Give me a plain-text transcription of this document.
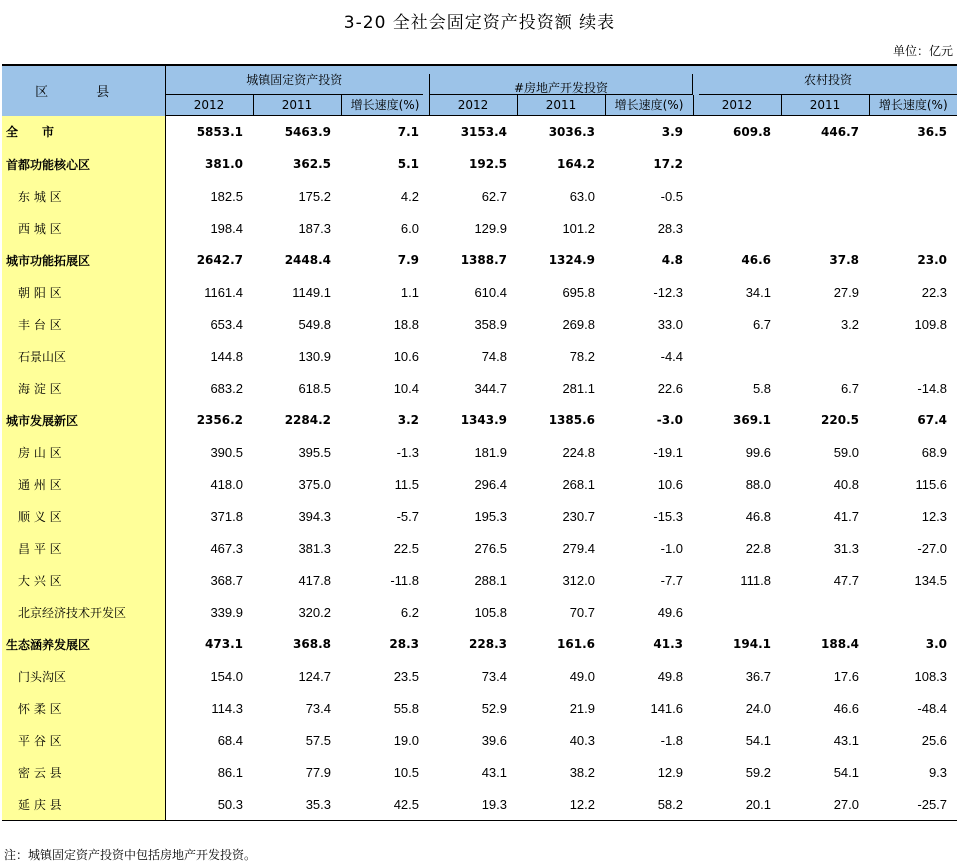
3-20 全社会固定资产投资额 续表
单位：亿元
区 县	城镇固定资产投资			#房地产开发投资			农村投资		

	2012	2011	增长速度(%)	2012	2011	增长速度(%)	2012	2011	增长速度(%)
全　　市	5853.1	5463.9	7.1	3153.4	3036.3	3.9	609.8	446.7	36.5
首都功能核心区	381.0	362.5	5.1	192.5	164.2	17.2			
　东 城 区	182.5	175.2	4.2	62.7	63.0	-0.5			
　西 城 区	198.4	187.3	6.0	129.9	101.2	28.3			
城市功能拓展区	2642.7	2448.4	7.9	1388.7	1324.9	4.8	46.6	37.8	23.0
　朝 阳 区	1161.4	1149.1	1.1	610.4	695.8	-12.3	34.1	27.9	22.3
　丰 台 区	653.4	549.8	18.8	358.9	269.8	33.0	6.7	3.2	109.8
　石景山区	144.8	130.9	10.6	74.8	78.2	-4.4			
　海 淀 区	683.2	618.5	10.4	344.7	281.1	22.6	5.8	6.7	-14.8
城市发展新区	2356.2	2284.2	3.2	1343.9	1385.6	-3.0	369.1	220.5	67.4
　房 山 区	390.5	395.5	-1.3	181.9	224.8	-19.1	99.6	59.0	68.9
　通 州 区	418.0	375.0	11.5	296.4	268.1	10.6	88.0	40.8	115.6
　顺 义 区	371.8	394.3	-5.7	195.3	230.7	-15.3	46.8	41.7	12.3
　昌 平 区	467.3	381.3	22.5	276.5	279.4	-1.0	22.8	31.3	-27.0
　大 兴 区	368.7	417.8	-11.8	288.1	312.0	-7.7	111.8	47.7	134.5
　北京经济技术开发区	339.9	320.2	6.2	105.8	70.7	49.6			
生态涵养发展区	473.1	368.8	28.3	228.3	161.6	41.3	194.1	188.4	3.0
　门头沟区	154.0	124.7	23.5	73.4	49.0	49.8	36.7	17.6	108.3
　怀 柔 区	114.3	73.4	55.8	52.9	21.9	141.6	24.0	46.6	-48.4
　平 谷 区	68.4	57.5	19.0	39.6	40.3	-1.8	54.1	43.1	25.6
　密 云 县	86.1	77.9	10.5	43.1	38.2	12.9	59.2	54.1	9.3
　延 庆 县	50.3	35.3	42.5	19.3	12.2	58.2	20.1	27.0	-25.7
注：城镇固定资产投资中包括房地产开发投资。
